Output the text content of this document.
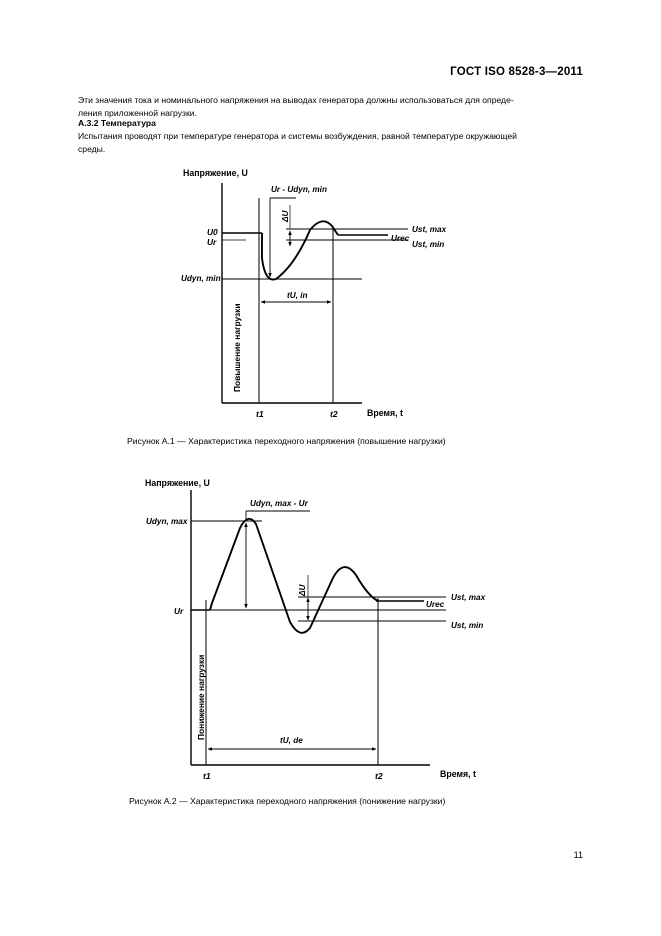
ГОСТ ISO 8528-3—2011
Эти значения тока и номинального напряжения на выводах генератора должны использоваться для опреде-
ления приложенной нагрузки.
A.3.2 Температура
Испытания проводят при температуре генератора и системы возбуждения, равной температуре окружающей
среды.
Напряжение, U
Время, t
Ur - Udyn, min
ΔU
tU, in
U0
Ur
Udyn, min
Ust, max
Urec
Ust, min
t1	t2
Повышение нагрузки
Напряжение, U
Время, t
Udyn, max - Ur
ΔU
tU, de
Udyn, max
Ur
Ust, max
Urec
Ust, min
t1	t2
Понижение нагрузки
Рисунок А.1 — Характеристика переходного напряжения (повышение нагрузки)
Рисунок А.2 — Характеристика переходного напряжения (понижение нагрузки)
11
